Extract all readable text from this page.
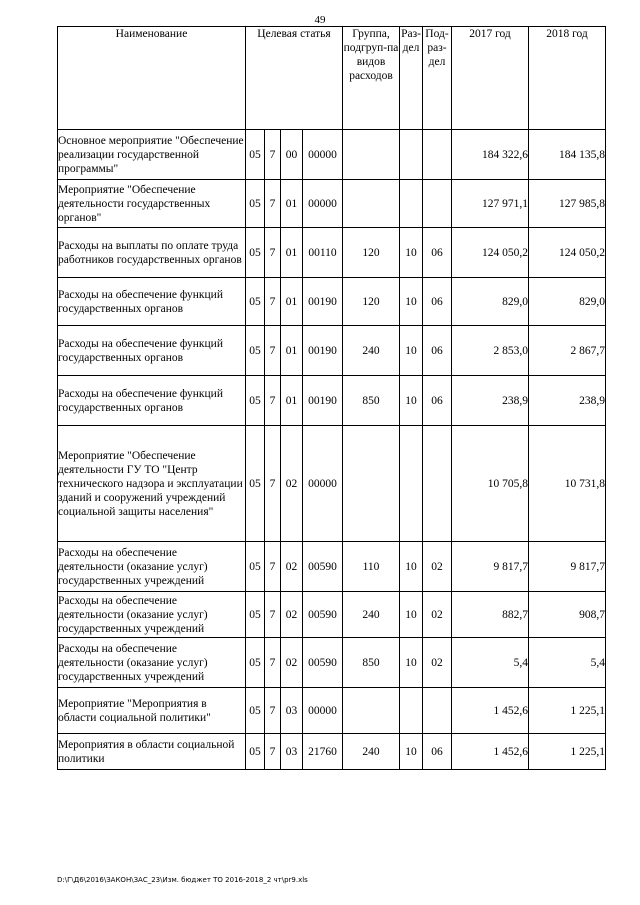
49
Наименование	Целевая статья				Группа, подгруп-па видов расходов	Раз-дел	Под-раз-дел	2017 год	2018 год
Основное мероприятие "Обеспечение реализации государственной программы"	05	7	00	00000				184 322,6	184 135,8
Мероприятие "Обеспечение деятельности государственных органов"	05	7	01	00000				127 971,1	127 985,8
Расходы на выплаты по оплате труда работников государственных органов	05	7	01	00110	120	10	06	124 050,2	124 050,2
Расходы на обеспечение функций государственных органов	05	7	01	00190	120	10	06	829,0	829,0
Расходы на обеспечение функций государственных органов	05	7	01	00190	240	10	06	2 853,0	2 867,7
Расходы на обеспечение функций государственных органов	05	7	01	00190	850	10	06	238,9	238,9
Мероприятие "Обеспечение деятельности ГУ ТО "Центр технического надзора и эксплуатации зданий и сооружений учреждений социальной защиты населения"	05	7	02	00000				10 705,8	10 731,8
Расходы на обеспечение деятельности (оказание услуг) государственных учреждений	05	7	02	00590	110	10	02	9 817,7	9 817,7
Расходы на обеспечение деятельности (оказание услуг) государственных учреждений	05	7	02	00590	240	10	02	882,7	908,7
Расходы на обеспечение деятельности (оказание услуг) государственных учреждений	05	7	02	00590	850	10	02	5,4	5,4
Мероприятие "Мероприятия в области социальной политики"	05	7	03	00000				1 452,6	1 225,1
Мероприятия в области социальной политики	05	7	03	21760	240	10	06	1 452,6	1 225,1
D:\Г\Д6\2016\ЗАКОН\ЗАС_23\Изм. бюджет ТО 2016-2018_2 чт\pr9.xls
